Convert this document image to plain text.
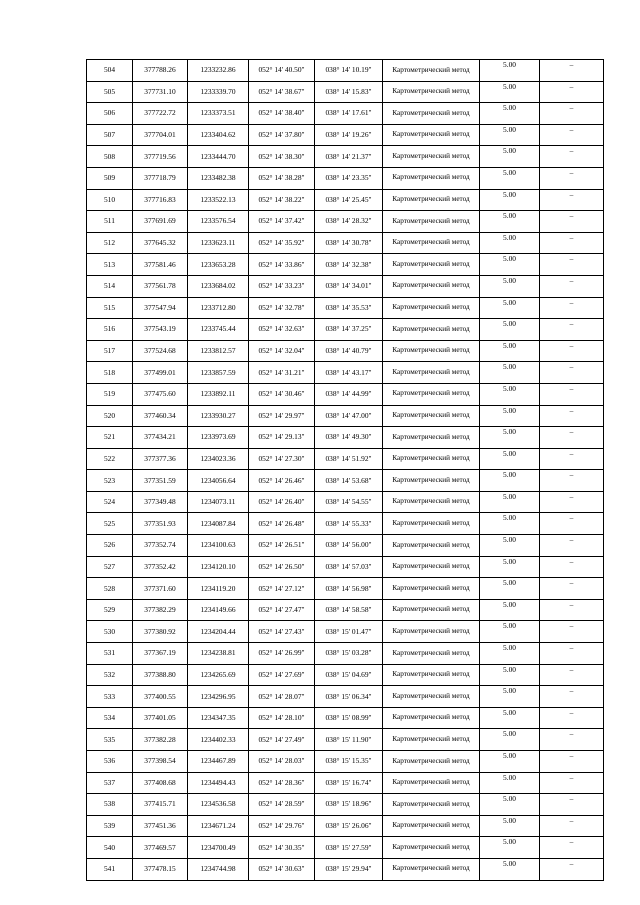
504	377788.26	1233232.86	052° 14' 40.50"	038° 14' 10.19"	Картометрический метод	5.00	–
505	377731.10	1233339.70	052° 14' 38.67"	038° 14' 15.83"	Картометрический метод	5.00	–
506	377722.72	1233373.51	052° 14' 38.40"	038° 14' 17.61"	Картометрический метод	5.00	–
507	377704.01	1233404.62	052° 14' 37.80"	038° 14' 19.26"	Картометрический метод	5.00	–
508	377719.56	1233444.70	052° 14' 38.30"	038° 14' 21.37"	Картометрический метод	5.00	–
509	377718.79	1233482.38	052° 14' 38.28"	038° 14' 23.35"	Картометрический метод	5.00	–
510	377716.83	1233522.13	052° 14' 38.22"	038° 14' 25.45"	Картометрический метод	5.00	–
511	377691.69	1233576.54	052° 14' 37.42"	038° 14' 28.32"	Картометрический метод	5.00	–
512	377645.32	1233623.11	052° 14' 35.92"	038° 14' 30.78"	Картометрический метод	5.00	–
513	377581.46	1233653.28	052° 14' 33.86"	038° 14' 32.38"	Картометрический метод	5.00	–
514	377561.78	1233684.02	052° 14' 33.23"	038° 14' 34.01"	Картометрический метод	5.00	–
515	377547.94	1233712.80	052° 14' 32.78"	038° 14' 35.53"	Картометрический метод	5.00	–
516	377543.19	1233745.44	052° 14' 32.63"	038° 14' 37.25"	Картометрический метод	5.00	–
517	377524.68	1233812.57	052° 14' 32.04"	038° 14' 40.79"	Картометрический метод	5.00	–
518	377499.01	1233857.59	052° 14' 31.21"	038° 14' 43.17"	Картометрический метод	5.00	–
519	377475.60	1233892.11	052° 14' 30.46"	038° 14' 44.99"	Картометрический метод	5.00	–
520	377460.34	1233930.27	052° 14' 29.97"	038° 14' 47.00"	Картометрический метод	5.00	–
521	377434.21	1233973.69	052° 14' 29.13"	038° 14' 49.30"	Картометрический метод	5.00	–
522	377377.36	1234023.36	052° 14' 27.30"	038° 14' 51.92"	Картометрический метод	5.00	–
523	377351.59	1234056.64	052° 14' 26.46"	038° 14' 53.68"	Картометрический метод	5.00	–
524	377349.48	1234073.11	052° 14' 26.40"	038° 14' 54.55"	Картометрический метод	5.00	–
525	377351.93	1234087.84	052° 14' 26.48"	038° 14' 55.33"	Картометрический метод	5.00	–
526	377352.74	1234100.63	052° 14' 26.51"	038° 14' 56.00"	Картометрический метод	5.00	–
527	377352.42	1234120.10	052° 14' 26.50"	038° 14' 57.03"	Картометрический метод	5.00	–
528	377371.60	1234119.20	052° 14' 27.12"	038° 14' 56.98"	Картометрический метод	5.00	–
529	377382.29	1234149.66	052° 14' 27.47"	038° 14' 58.58"	Картометрический метод	5.00	–
530	377380.92	1234204.44	052° 14' 27.43"	038° 15' 01.47"	Картометрический метод	5.00	–
531	377367.19	1234238.81	052° 14' 26.99"	038° 15' 03.28"	Картометрический метод	5.00	–
532	377388.80	1234265.69	052° 14' 27.69"	038° 15' 04.69"	Картометрический метод	5.00	–
533	377400.55	1234296.95	052° 14' 28.07"	038° 15' 06.34"	Картометрический метод	5.00	–
534	377401.05	1234347.35	052° 14' 28.10"	038° 15' 08.99"	Картометрический метод	5.00	–
535	377382.28	1234402.33	052° 14' 27.49"	038° 15' 11.90"	Картометрический метод	5.00	–
536	377398.54	1234467.89	052° 14' 28.03"	038° 15' 15.35"	Картометрический метод	5.00	–
537	377408.68	1234494.43	052° 14' 28.36"	038° 15' 16.74"	Картометрический метод	5.00	–
538	377415.71	1234536.58	052° 14' 28.59"	038° 15' 18.96"	Картометрический метод	5.00	–
539	377451.36	1234671.24	052° 14' 29.76"	038° 15' 26.06"	Картометрический метод	5.00	–
540	377469.57	1234700.49	052° 14' 30.35"	038° 15' 27.59"	Картометрический метод	5.00	–
541	377478.15	1234744.98	052° 14' 30.63"	038° 15' 29.94"	Картометрический метод	5.00	–
